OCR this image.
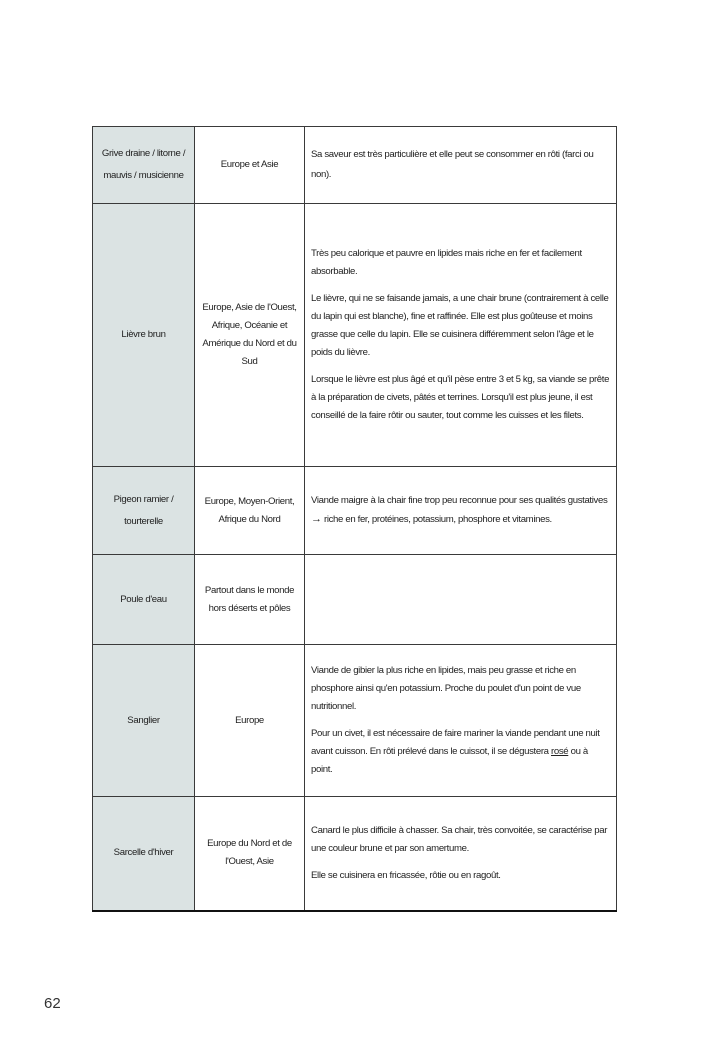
Grive draine / litorne / mauvis / musicienne	Europe et Asie	Sa saveur est très particulière et elle peut se consommer en rôti (farci ou non).

Lièvre brun	Europe, Asie de l'Ouest, Afrique, Océanie et Amérique du Nord et du Sud	Très peu calorique et pauvre en lipides mais riche en fer et facilement absorbable.

Le lièvre, qui ne se faisande jamais, a une chair brune (contrairement à celle du lapin qui est blanche), fine et raffinée. Elle est plus goûteuse et moins grasse que celle du lapin. Elle se cuisinera différemment selon l'âge et le poids du lièvre.

Lorsque le lièvre est plus âgé et qu'il pèse entre 3 et 5 kg, sa viande se prête à la préparation de civets, pâtés et terrines. Lorsqu'il est plus jeune, il est conseillé de la faire rôtir ou sauter, tout comme les cuisses et les filets.

Pigeon ramier / tourterelle	Europe, Moyen-Orient, Afrique du Nord	Viande maigre à la chair fine trop peu reconnue pour ses qualités gustatives → riche en fer, protéines, potassium, phosphore et vitamines.

Poule d'eau	Partout dans le monde hors déserts et pôles	
Sanglier	Europe	Viande de gibier la plus riche en lipides, mais peu grasse et riche en phosphore ainsi qu'en potassium. Proche du poulet d'un point de vue nutritionnel.

Pour un civet, il est nécessaire de faire mariner la viande pendant une nuit avant cuisson. En rôti prélevé dans le cuissot, il se dégustera rosé ou à point.

Sarcelle d'hiver	Europe du Nord et de l'Ouest, Asie	Canard le plus difficile à chasser. Sa chair, très convoitée, se caractérise par une couleur brune et par son amertume.

Elle se cuisinera en fricassée, rôtie ou en ragoût.

62
